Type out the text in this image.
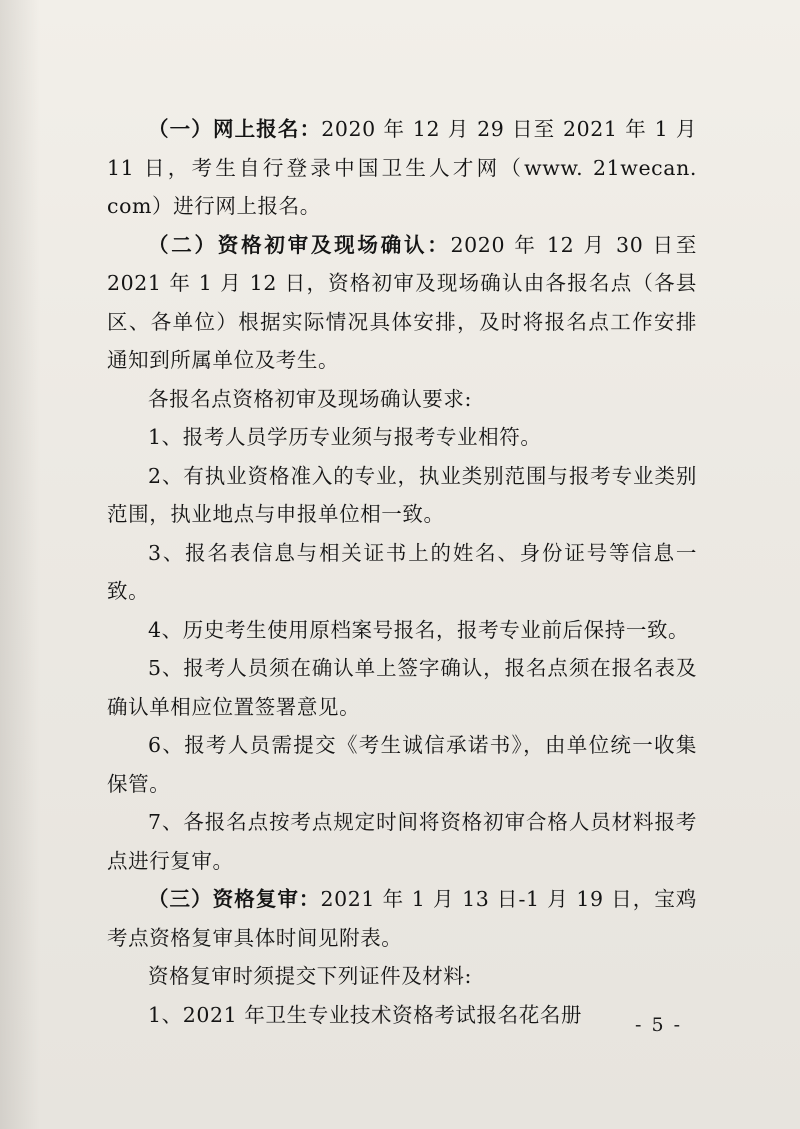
（一）网上报名：2020 年 12 月 29 日至 2021 年 1 月 11 日，考生自行登录中国卫生人才网（www. 21wecan. com）进行网上报名。

（二）资格初审及现场确认：2020 年 12 月 30 日至 2021 年 1 月 12 日，资格初审及现场确认由各报名点（各县区、各单位）根据实际情况具体安排，及时将报名点工作安排通知到所属单位及考生。

各报名点资格初审及现场确认要求:

1、报考人员学历专业须与报考专业相符。

2、有执业资格准入的专业，执业类别范围与报考专业类别范围，执业地点与申报单位相一致。

3、报名表信息与相关证书上的姓名、身份证号等信息一致。

4、历史考生使用原档案号报名，报考专业前后保持一致。

5、报考人员须在确认单上签字确认，报名点须在报名表及确认单相应位置签署意见。

6、报考人员需提交《考生诚信承诺书》，由单位统一收集保管。

7、各报名点按考点规定时间将资格初审合格人员材料报考点进行复审。

（三）资格复审：2021 年 1 月 13 日-1 月 19 日，宝鸡考点资格复审具体时间见附表。

资格复审时须提交下列证件及材料:

1、2021 年卫生专业技术资格考试报名花名册	- 5 -
